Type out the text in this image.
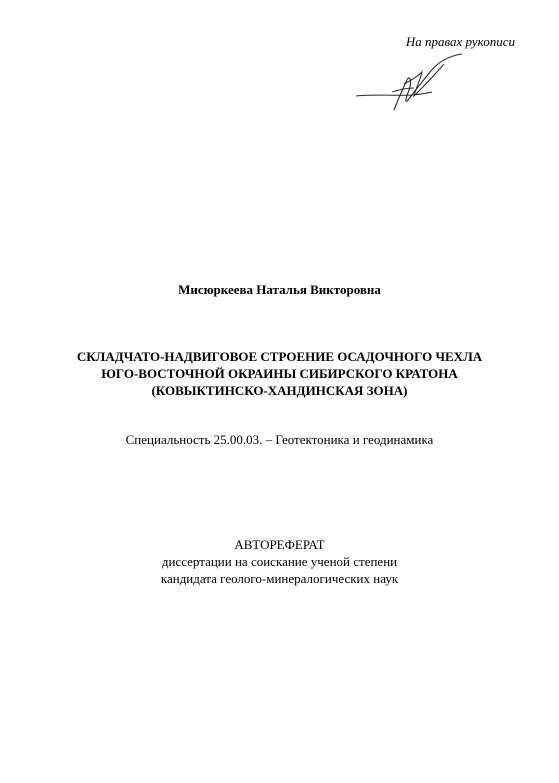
На правах рукописи
Мисюркеева Наталья Викторовна
СКЛАДЧАТО-НАДВИГОВОЕ СТРОЕНИЕ ОСАДОЧНОГО ЧЕХЛА
ЮГО-ВОСТОЧНОЙ ОКРАИНЫ СИБИРСКОГО КРАТОНА
(КОВЫКТИНСКО-ХАНДИНСКАЯ ЗОНА)
Специальность 25.00.03. – Геотектоника и геодинамика
АВТОРЕФЕРАТ
диссертации на соискание ученой степени
кандидата геолого-минералогических наук
